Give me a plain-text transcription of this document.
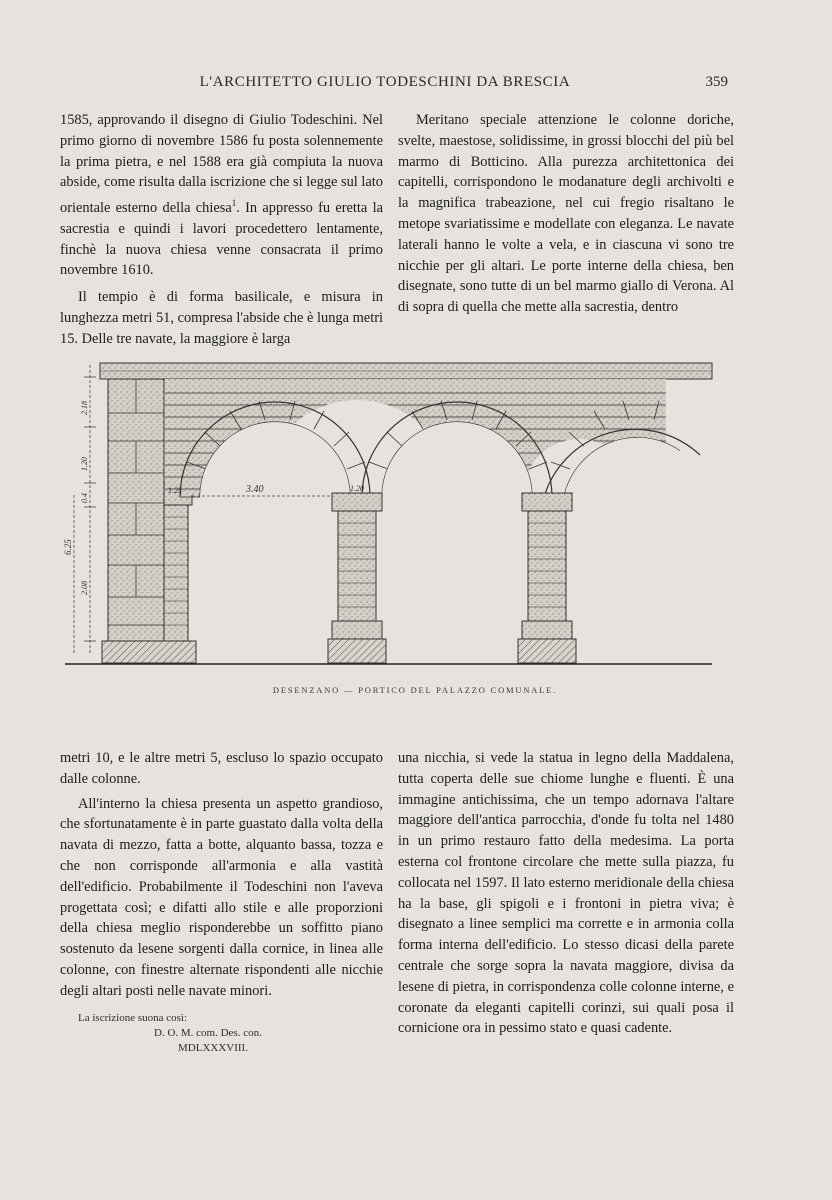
L'ARCHITETTO GIULIO TODESCHINI DA BRESCIA	359

1585, approvando il disegno di Giulio Todeschini. Nel primo giorno di novembre 1586 fu posta solennemente la prima pietra, e nel 1588 era già compiuta la nuova abside, come risulta dalla iscrizione che si legge sul lato orientale esterno della chiesa$^1$. In appresso fu eretta la sacrestia e quindi i lavori procedettero lentamente, finchè la nuova chiesa venne consacrata il primo novembre 1610.

Il tempio è di forma basilicale, e misura in lunghezza metri 51, compresa l'abside che è lunga metri 15. Delle tre navate, la maggiore è larga

Meritano speciale attenzione le colonne doriche, svelte, maestose, solidissime, in grossi blocchi del più bel marmo di Botticino. Alla purezza architettonica dei capitelli, corrispondono le modanature degli archivolti e la magnifica trabeazione, nel cui fregio risaltano le metope svariatissime e modellate con eleganza. Le navate laterali hanno le volte a vela, e in ciascuna vi sono tre nicchie per gli altari. Le porte interne della chiesa, ben disegnate, sono tutte di un bel marmo giallo di Verona. Al di sopra di quella che mette alla sacrestia, dentro

3.40
1.25	1.20
2.18
1.20
0.4
2.08
6.25
DESENZANO — PORTICO DEL PALAZZO COMUNALE.

metri 10, e le altre metri 5, escluso lo spazio occupato dalle colonne.

All'interno la chiesa presenta un aspetto grandioso, che sfortunatamente è in parte guastato dalla volta della navata di mezzo, fatta a botte, alquanto bassa, tozza e che non corrisponde all'armonia e alla vastità dell'edificio. Probabilmente il Todeschini non l'aveva progettata così; e difatti allo stile e alle proporzioni della chiesa meglio risponderebbe un soffitto piano sostenuto da lesene sorgenti dalla cornice, in linea alle colonne, con finestre alternate rispondenti alle nicchie degli altari posti nelle navate minori.

una nicchia, si vede la statua in legno della Maddalena, tutta coperta delle sue chiome lunghe e fluenti. È una immagine antichissima, che un tempo adornava l'altare maggiore dell'antica parrocchia, d'onde fu tolta nel 1480 in un primo restauro fatto della medesima. La porta esterna col frontone circolare che mette sulla piazza, fu collocata nel 1597. Il lato esterno meridionale della chiesa ha la base, gli spigoli e i frontoni in pietra viva; è disegnato a linee semplici ma corrette e in armonia colla forma interna dell'edificio. Lo stesso dicasi della parete centrale che sorge sopra la navata maggiore, divisa da lesene di pietra, in corrispondenza colle colonne interne, e coronate da eleganti capitelli corinzi, sui quali posa il cornicione ora in pessimo stato e quasi cadente.

La iscrizione suona così:
D. O. M. com. Des. con.
MDLXXXVIII.
